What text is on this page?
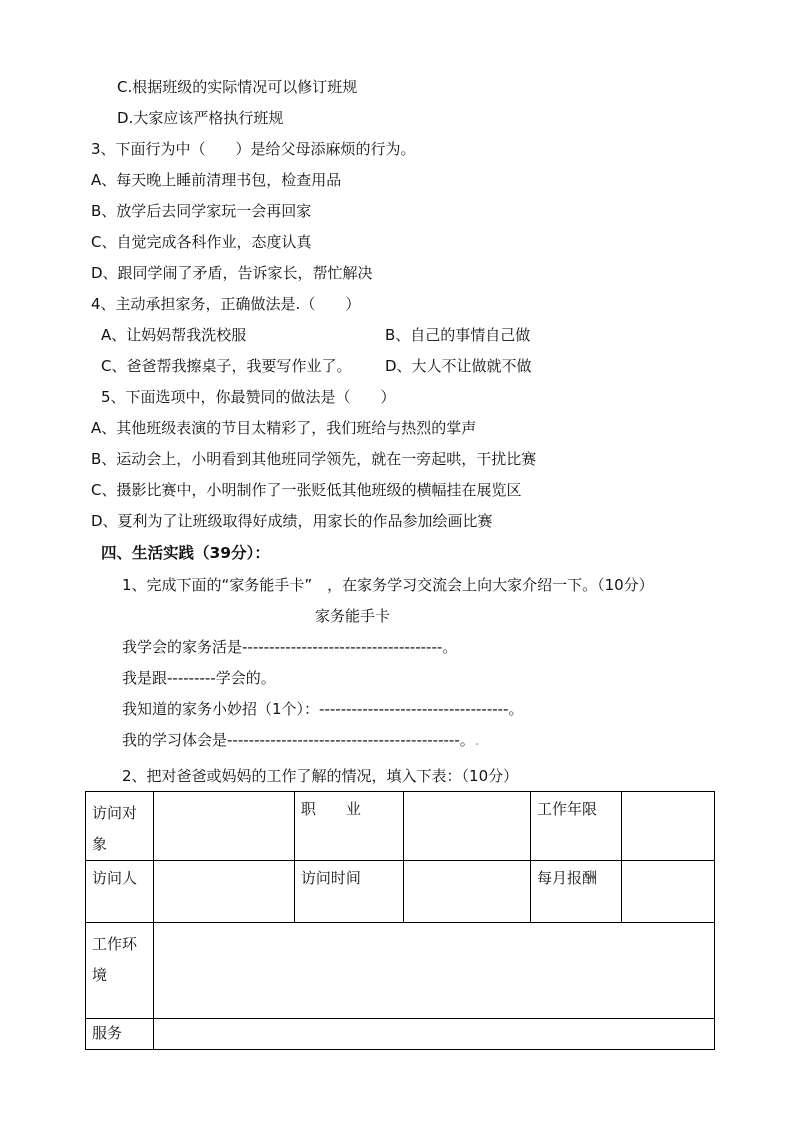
C.根据班级的实际情况可以修订班规
D.大家应该严格执行班规
3、下面行为中（　　）是给父母添麻烦的行为。
A、每天晚上睡前清理书包，检查用品
B、放学后去同学家玩一会再回家
C、自觉完成各科作业，态度认真
D、跟同学闹了矛盾，告诉家长，帮忙解决
4、主动承担家务，正确做法是.（　　）
A、让妈妈帮我洗校服	B、自己的事情自己做
C、爸爸帮我擦桌子，我要写作业了。 D、大人不让做就不做
5、下面选项中，你最赞同的做法是（　　）
A、其他班级表演的节目太精彩了，我们班给与热烈的掌声
B、运动会上，小明看到其他班同学领先，就在一旁起哄，干扰比赛
C、摄影比赛中，小明制作了一张贬低其他班级的横幅挂在展览区
D、夏利为了让班级取得好成绩，用家长的作品参加绘画比赛
四、生活实践（39分）：
1、完成下面的“家务能手卡”　，在家务学习交流会上向大家介绍一下。（10分）
家务能手卡
我学会的家务活是-------------------------------------。
我是跟---------学会的。
我知道的家务小妙招（1个）：-----------------------------------。
我的学习体会是-------------------------------------------。.
2、把对爸爸或妈妈的工作了解的情况，填入下表：（10分）
访问对象		职　　业		工作年限	
访问人		访问时间		每月报酬	
工作环境					
服务					
